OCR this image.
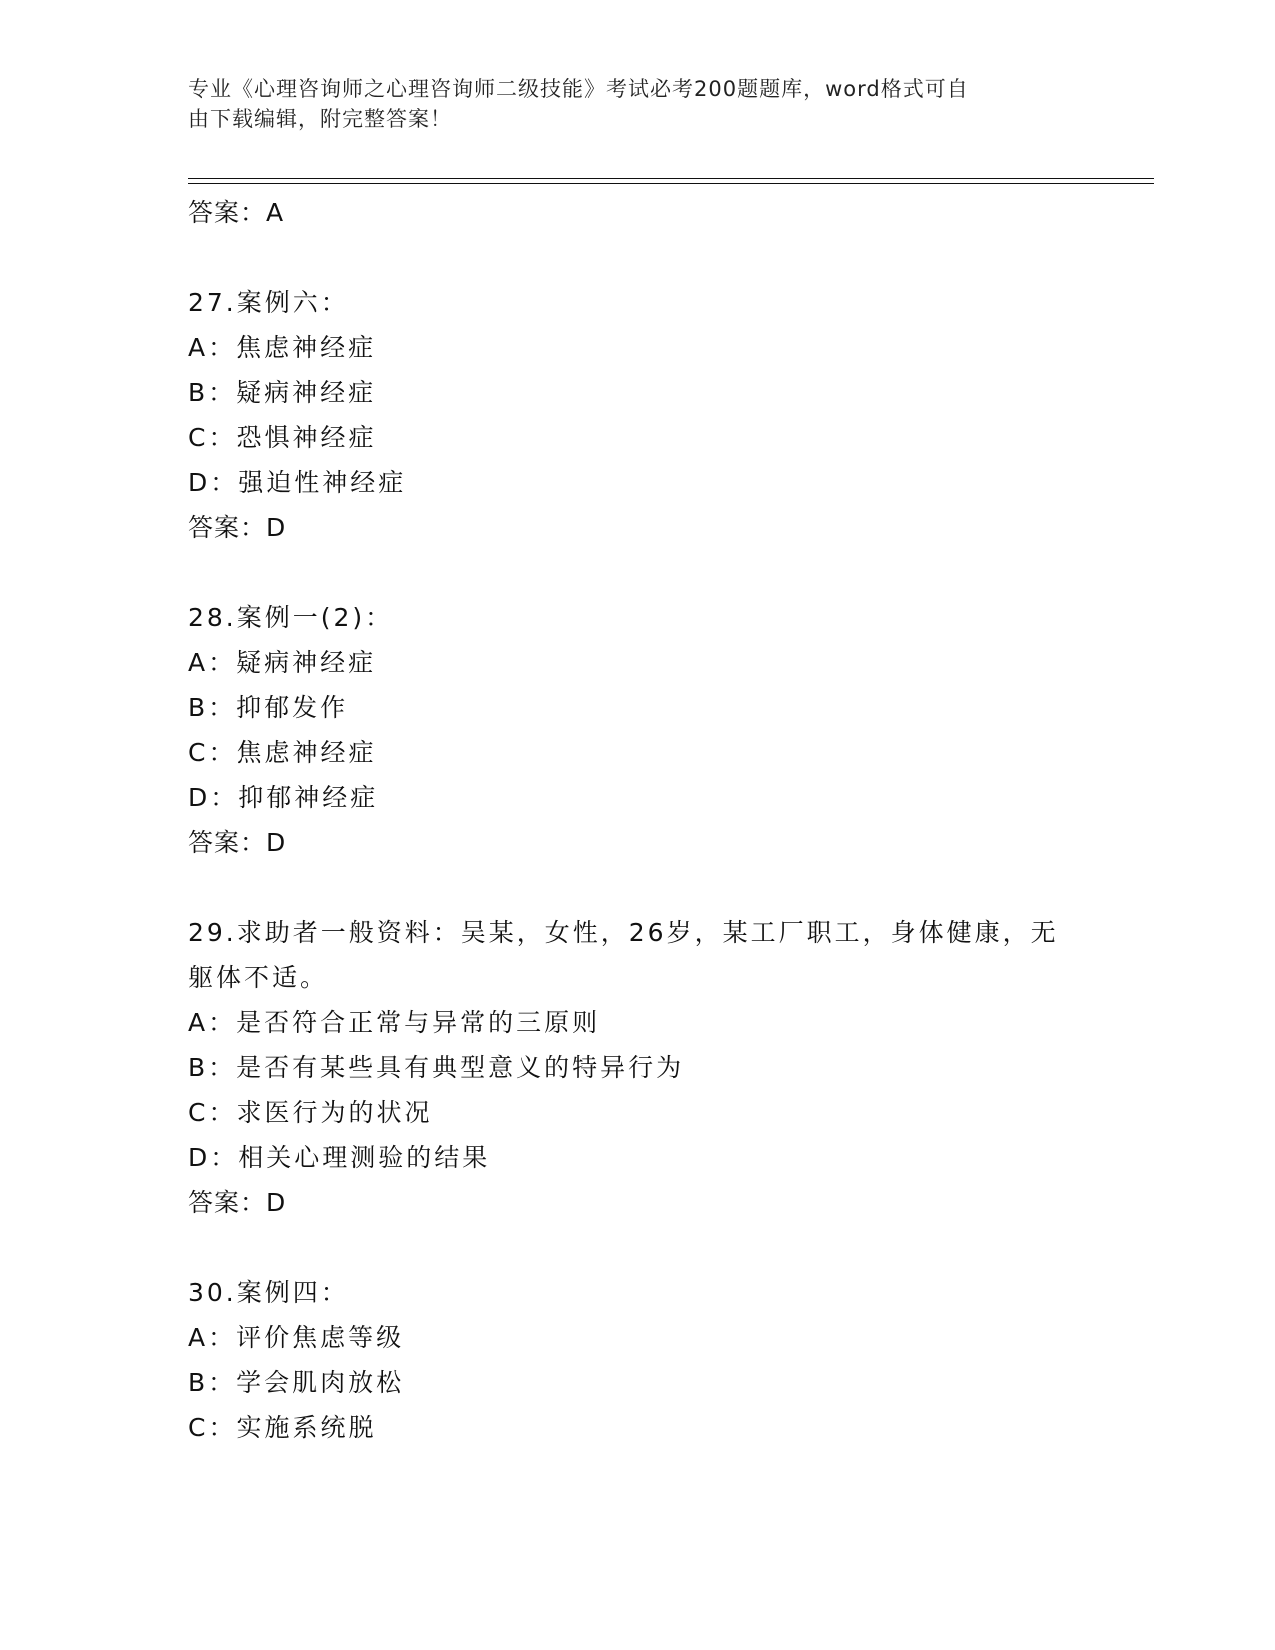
专业《心理咨询师之心理咨询师二级技能》考试必考200题题库，word格式可自
由下载编辑，附完整答案！
答案：A
27.案例六：
A：焦虑神经症
B：疑病神经症
C：恐惧神经症
D：强迫性神经症
答案：D
28.案例一(2)：
A：疑病神经症
B：抑郁发作
C：焦虑神经症
D：抑郁神经症
答案：D
29.求助者一般资料：吴某，女性，26岁，某工厂职工，身体健康，无
躯体不适。
A：是否符合正常与异常的三原则
B：是否有某些具有典型意义的特异行为
C：求医行为的状况
D：相关心理测验的结果
答案：D
30.案例四：
A：评价焦虑等级
B：学会肌肉放松
C：实施系统脱
